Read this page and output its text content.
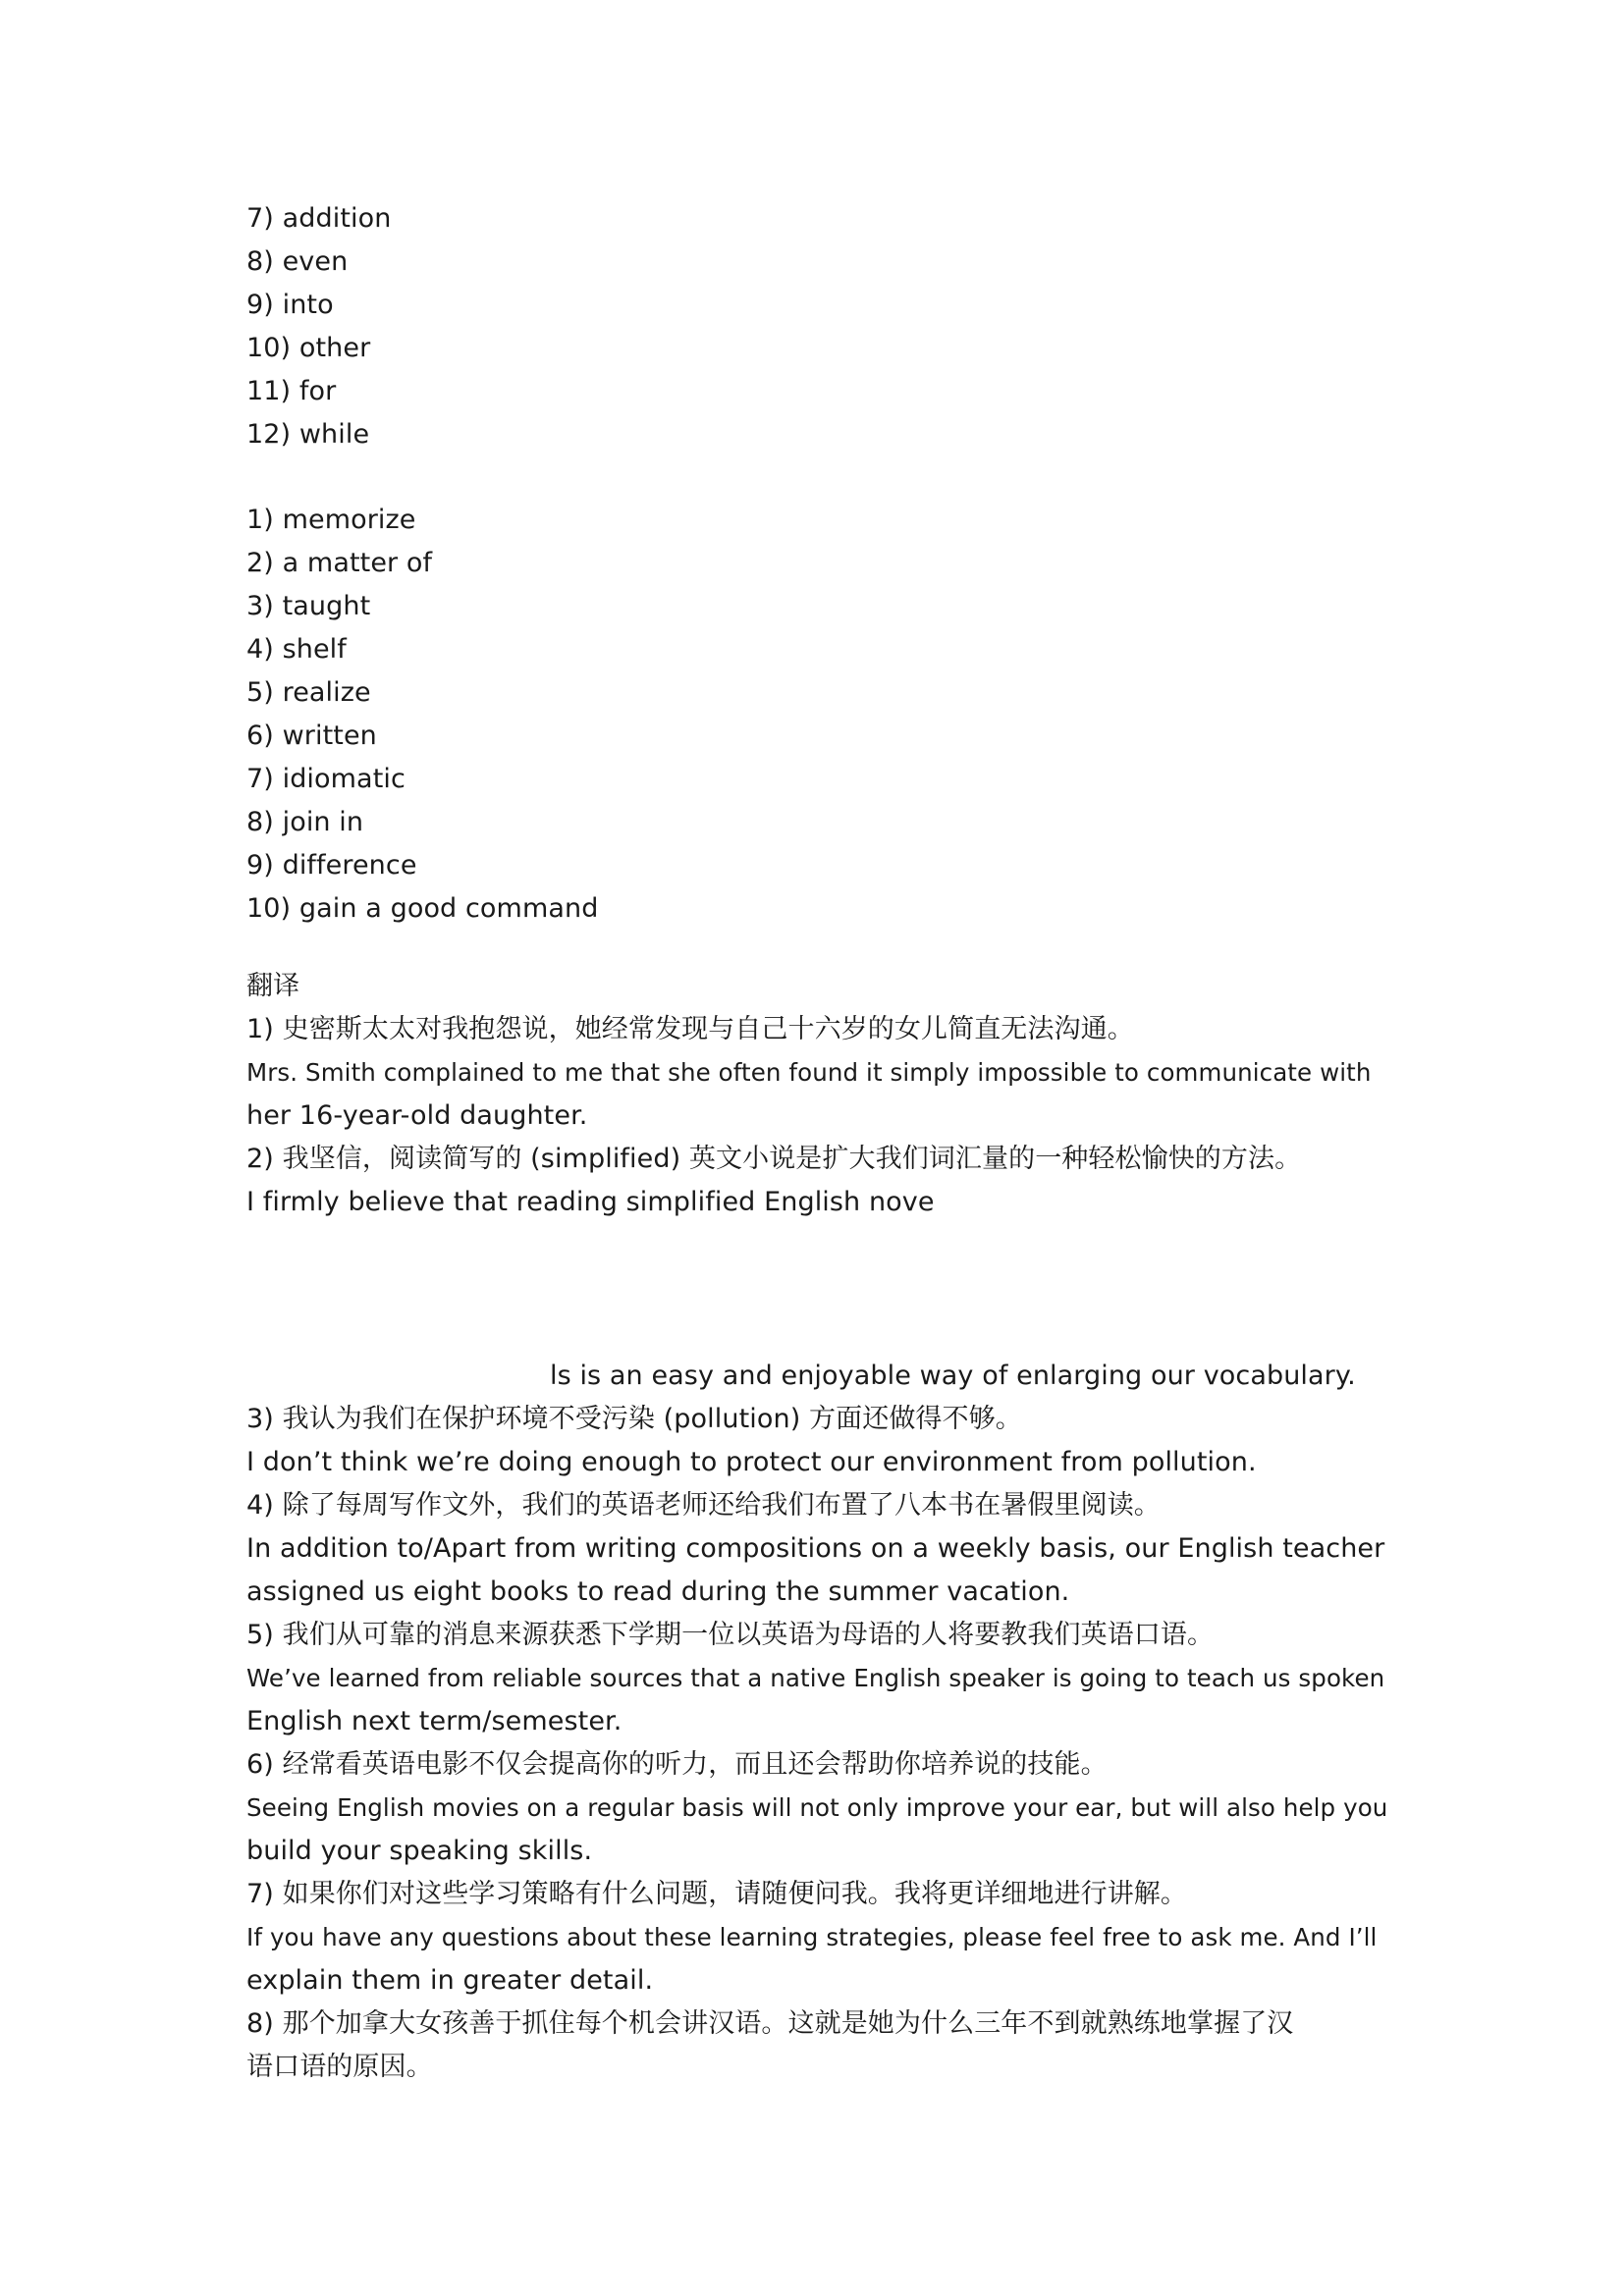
7) addition
8) even
9) into
10) other
11) for
12) while
1) memorize
2) a matter of
3) taught
4) shelf
5) realize
6) written
7) idiomatic
8) join in
9) difference
10) gain a good command
翻译
1) 史密斯太太对我抱怨说，她经常发现与自己十六岁的女儿简直无法沟通。
Mrs. Smith complained to me that she often found it simply impossible to communicate with
her 16-year-old daughter.
2) 我坚信，阅读简写的 (simplified) 英文小说是扩大我们词汇量的一种轻松愉快的方法。
I firmly believe that reading simplified English nove
ls is an easy and enjoyable way of enlarging our vocabulary.
3) 我认为我们在保护环境不受污染 (pollution) 方面还做得不够。
I don’t think we’re doing enough to protect our environment from pollution.
4) 除了每周写作文外，我们的英语老师还给我们布置了八本书在暑假里阅读。
In addition to/Apart from writing compositions on a weekly basis, our English teacher
assigned us eight books to read during the summer vacation.
5) 我们从可靠的消息来源获悉下学期一位以英语为母语的人将要教我们英语口语。
We’ve learned from reliable sources that a native English speaker is going to teach us spoken
English next term/semester.
6) 经常看英语电影不仅会提高你的听力，而且还会帮助你培养说的技能。
Seeing English movies on a regular basis will not only improve your ear, but will also help you
build your speaking skills.
7) 如果你们对这些学习策略有什么问题，请随便问我。我将更详细地进行讲解。
If you have any questions about these learning strategies, please feel free to ask me. And I’ll
explain them in greater detail.
8) 那个加拿大女孩善于抓住每个机会讲汉语。这就是她为什么三年不到就熟练地掌握了汉
语口语的原因。
